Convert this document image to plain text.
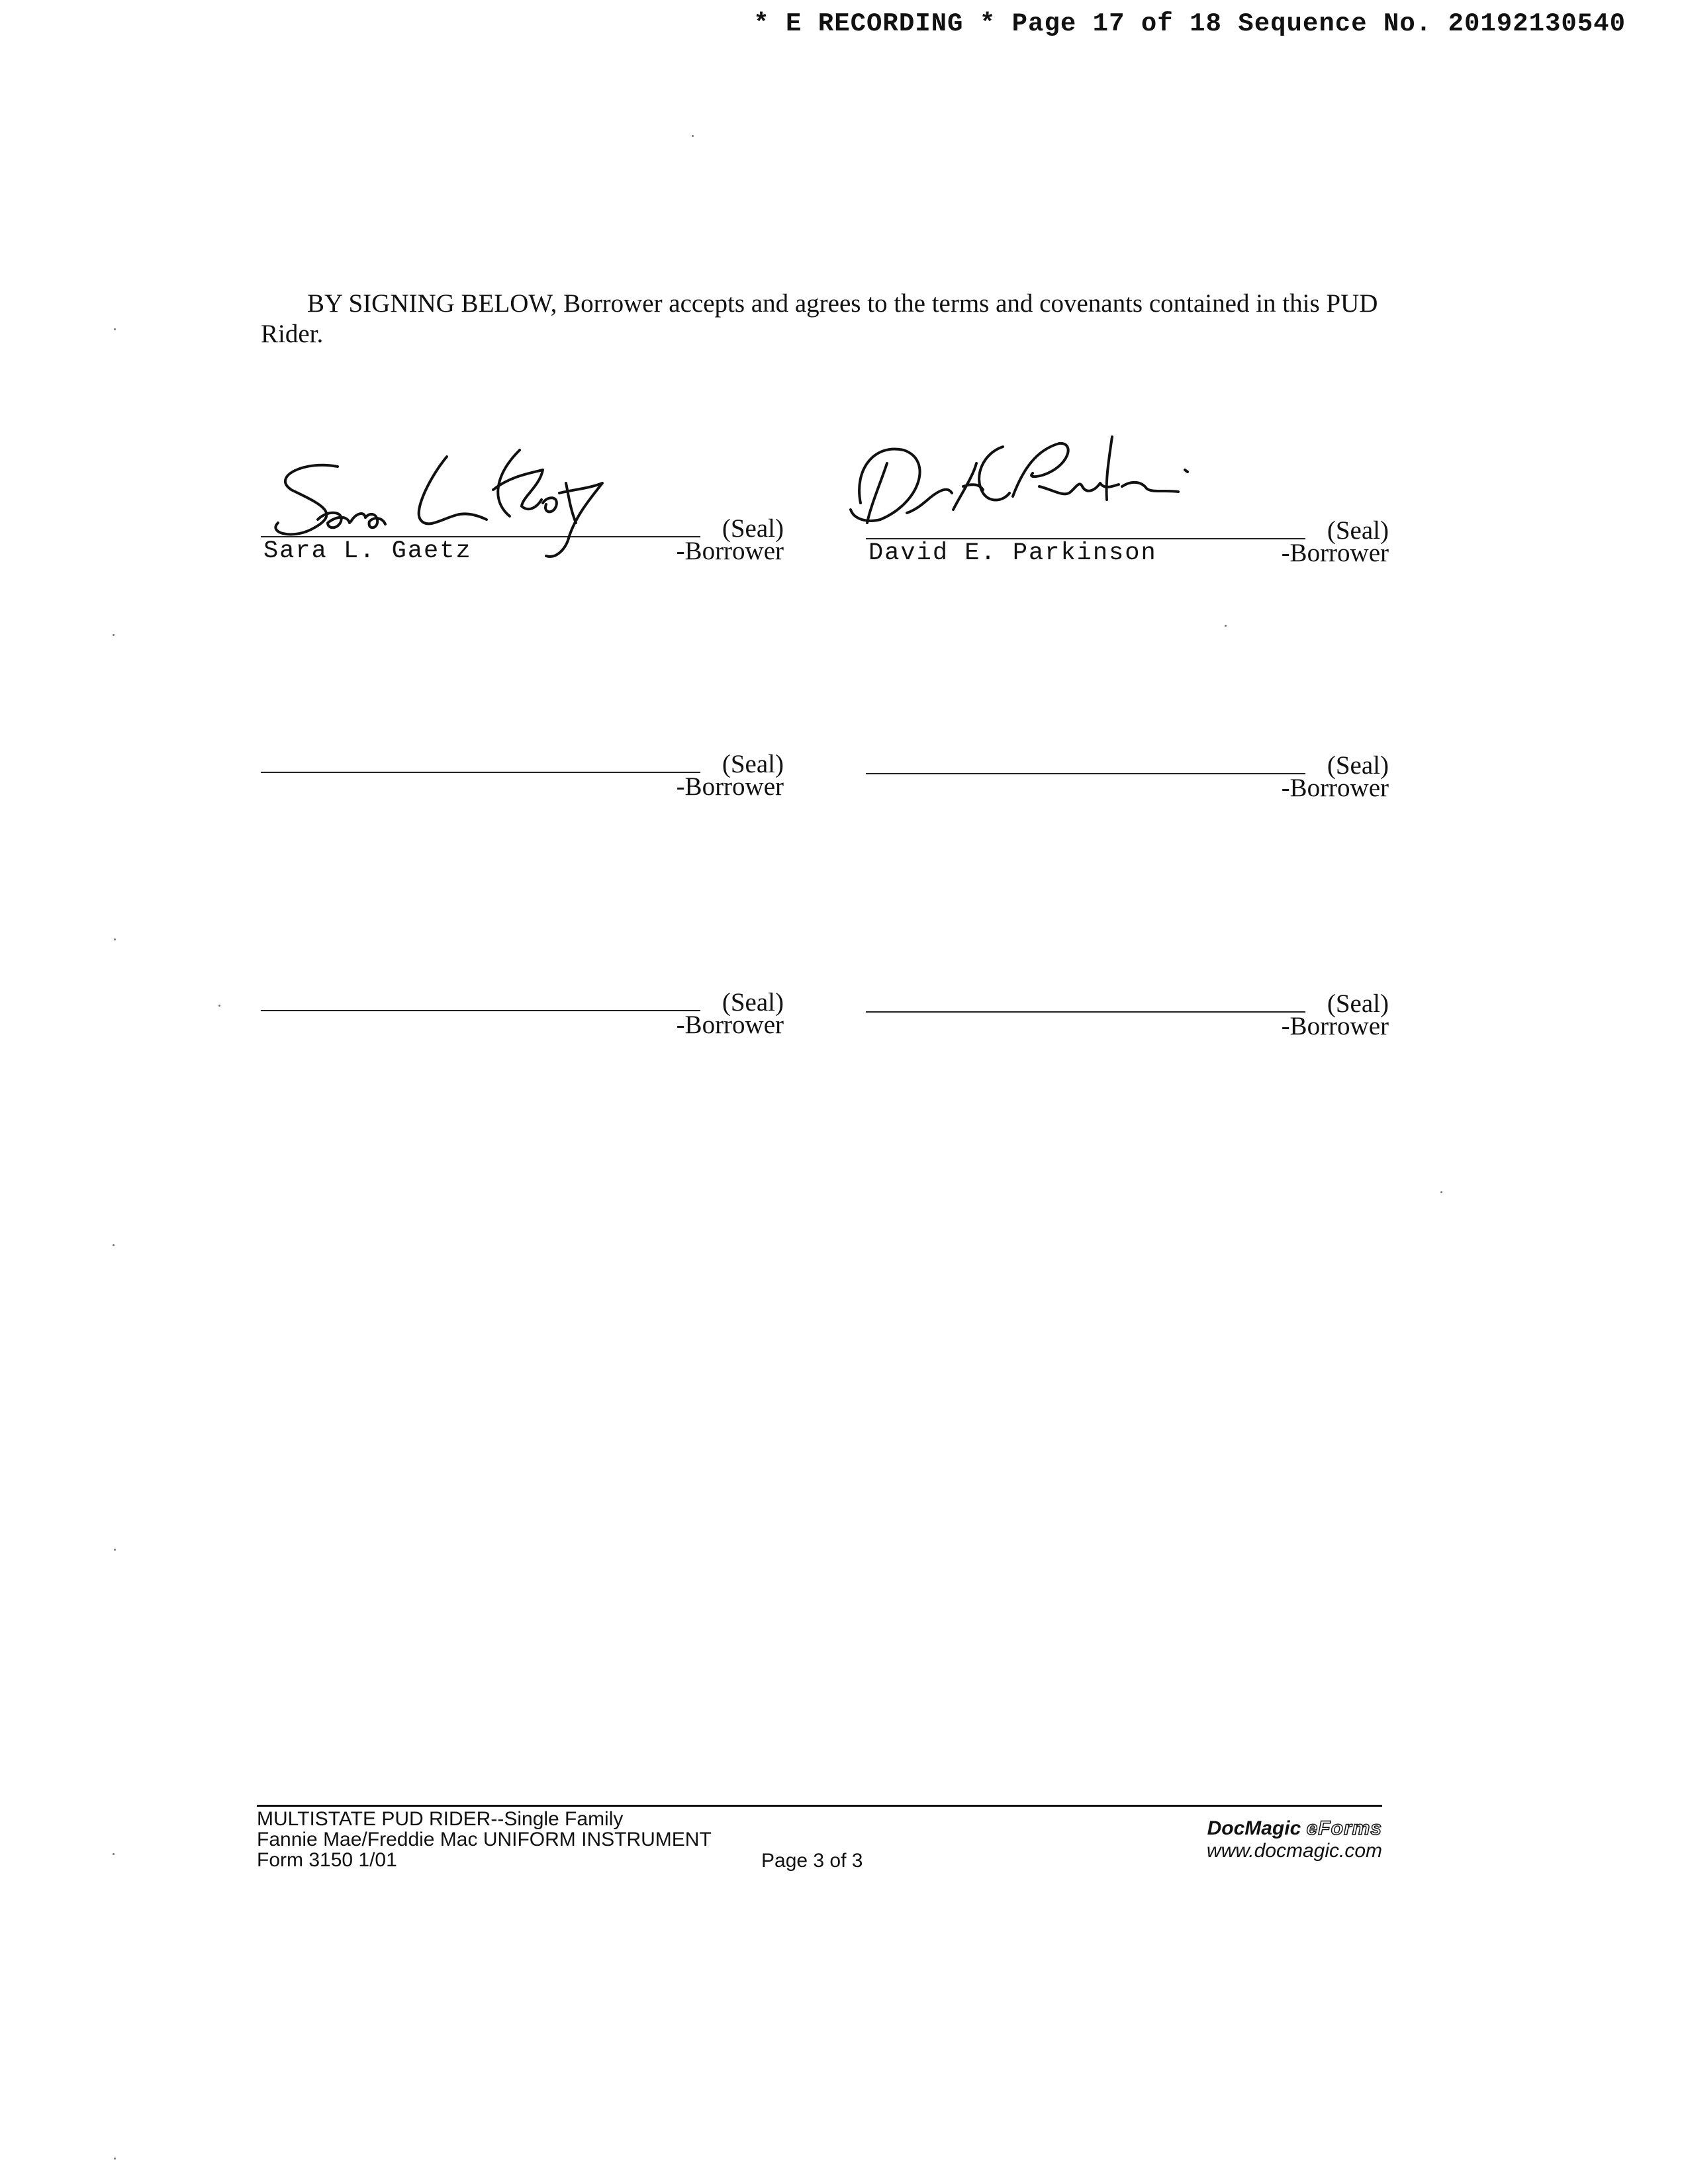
* E RECORDING * Page 17 of 18 Sequence No. 20192130540
BY SIGNING BELOW, Borrower accepts and agrees to the terms and covenants contained in this PUD Rider.
(Seal)
-Borrower
Sara L. Gaetz
Sara L Gaetz
(Seal)
-Borrower
David E. Parkinson
D E Parkinson
(Seal)
-Borrower
(Seal)
-Borrower
(Seal)
-Borrower
(Seal)
-Borrower
MULTISTATE PUD RIDER--Single Family
Fannie Mae/Freddie Mac UNIFORM INSTRUMENT
Form 3150 1/01	Page 3 of 3
DocMagic eForms
www.docmagic.com
